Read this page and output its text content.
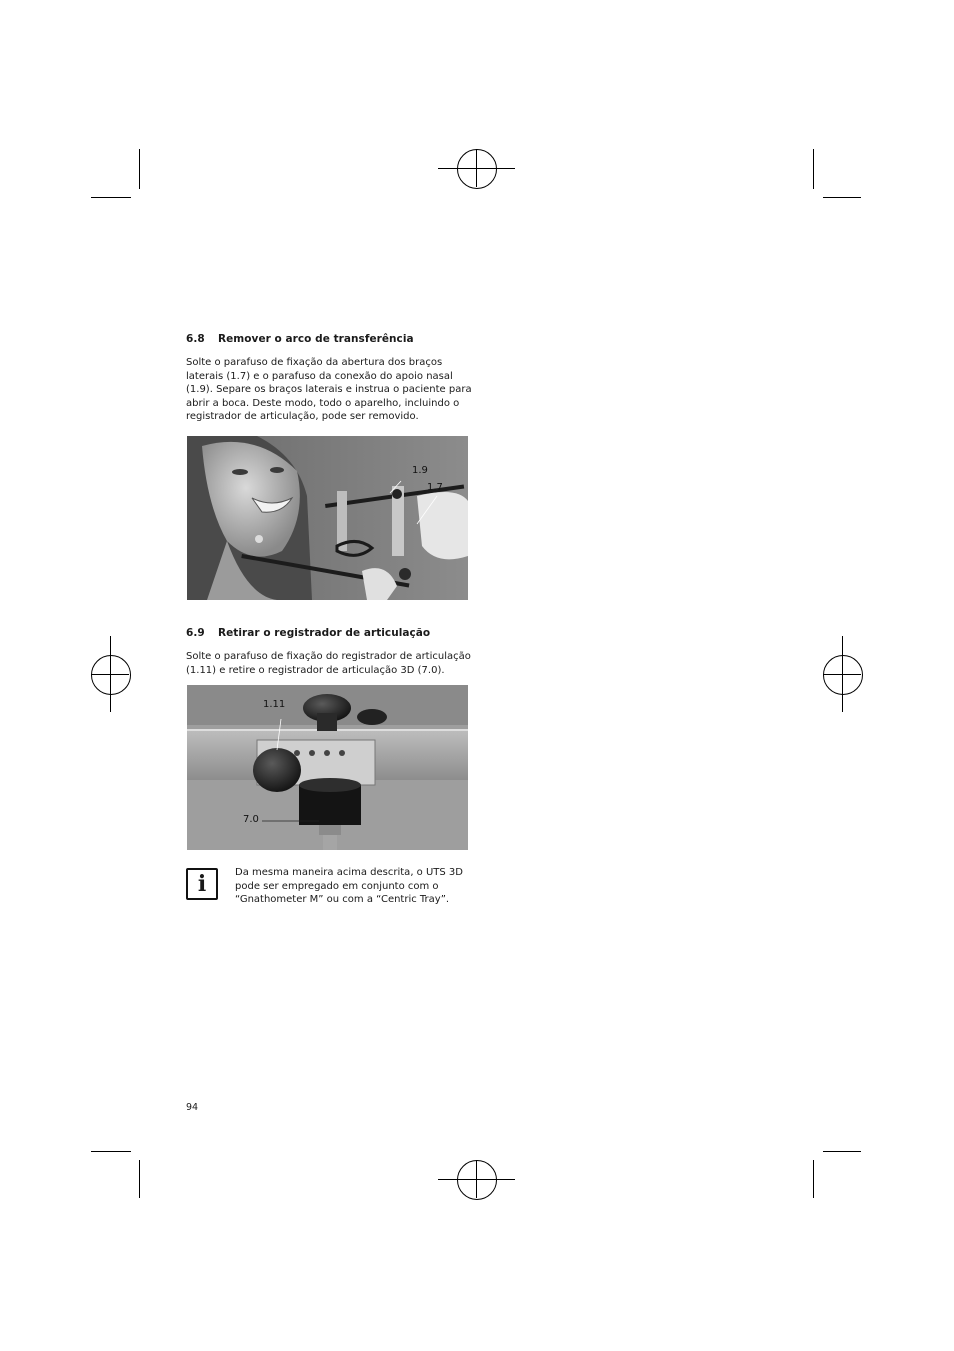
6.8 Remover o arco de transferência

Solte o parafuso de fixação da abertura dos braços
laterais (1.7) e o parafuso da conexão do apoio nasal
(1.9). Separe os braços laterais e instrua o paciente para
abrir a boca. Deste modo, todo o aparelho, incluindo o
registrador de articulação, pode ser removido.

1.9
1.7
6.9 Retirar o registrador de articulação

Solte o parafuso de fixação do registrador de articulação
(1.11) e retire o registrador de articulação 3D (7.0).

1.11
7.0
i	Da mesma maneira acima descrita, o UTS 3D
pode ser empregado em conjunto com o
“Gnathometer M” ou com a “Centric Tray”.

94
